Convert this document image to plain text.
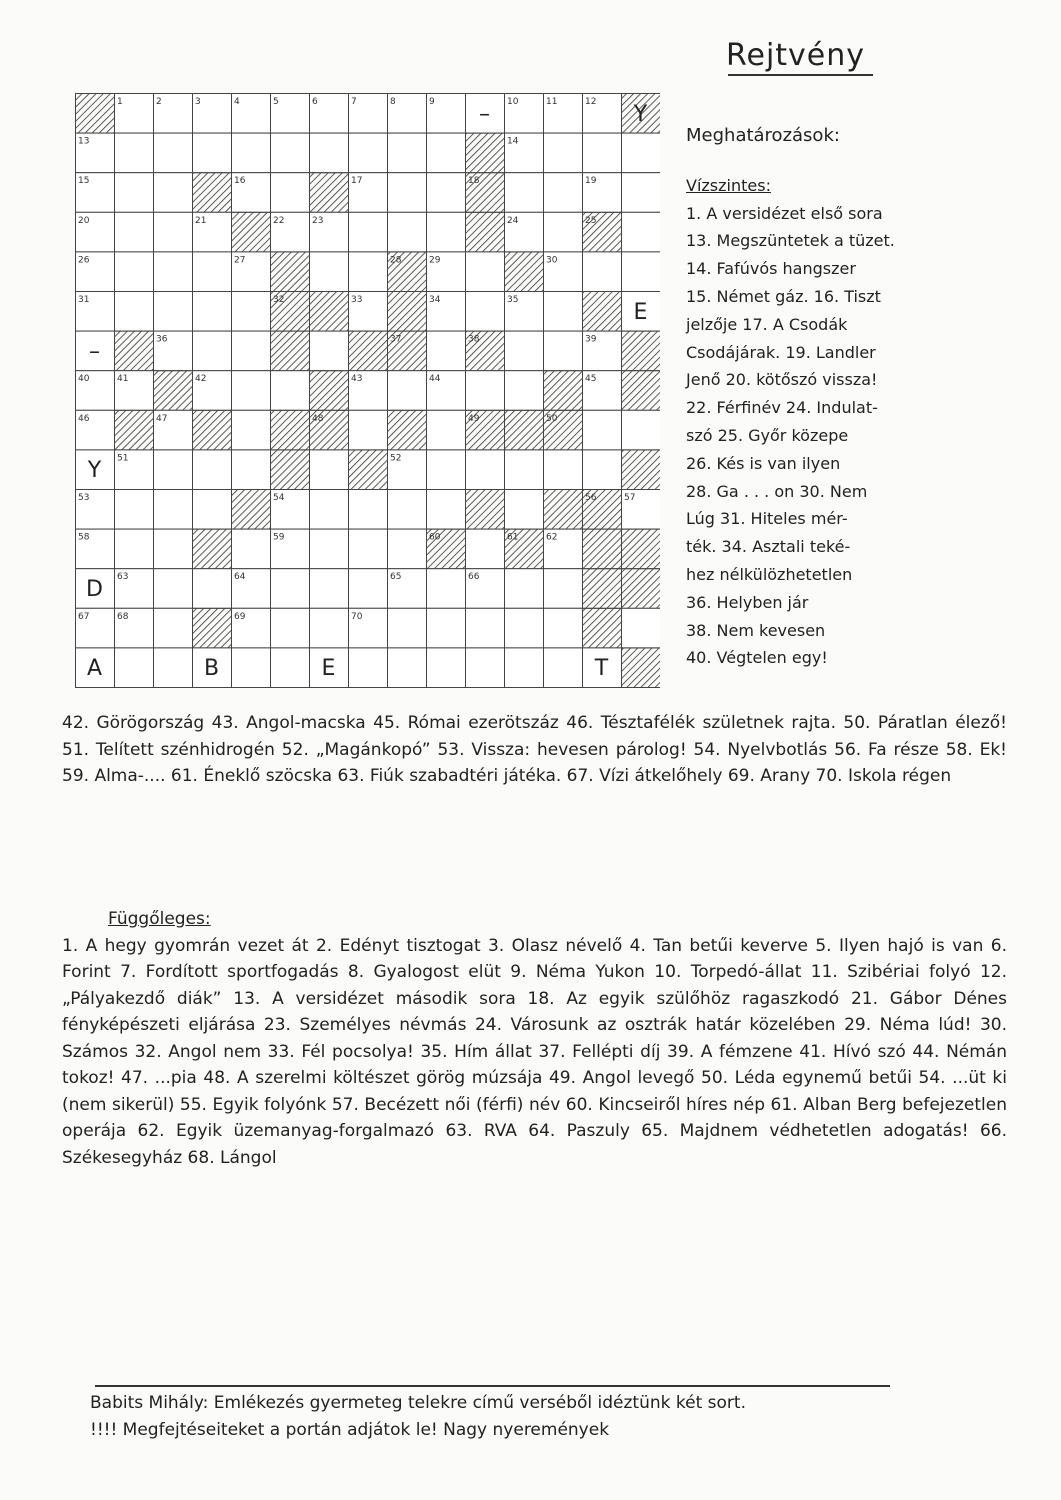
Rejtvény
1	2	3	4	5	6	7	8	9	10	11	12
13	14
15	16	17	18	19
20	21	22	23	24	25
26	27	28	29	30
31	32	33	34	35
36	37	38	39
40	41	42	43	44	45
46	47	48	49	50
51	52
53	54	56	57
58	59	60	61	62
63	64	65	66
67	68	69	70
Y
–
E
–
Y
D
A	B	E	T
Meghatározások:
Vízszintes:
1. A versidézet első sora
13. Megszüntetek a tüzet.
14. Fafúvós hangszer
15. Német gáz. 16. Tiszt
jelzője 17. A Csodák
Csodájárak. 19. Landler
Jenő 20. kötőszó vissza!
22. Férfinév 24. Indulat-
szó 25. Győr közepe
26. Kés is van ilyen
28. Ga . . . on 30. Nem
Lúg 31. Hiteles mér-
ték. 34. Asztali teké-
hez nélkülözhetetlen
36. Helyben jár
38. Nem kevesen
40. Végtelen egy!
42. Görögország 43. Angol-macska 45. Római ezerötszáz 46. Tésztafélék születnek rajta. 50. Páratlan élező! 51. Telített szénhidrogén 52. „Magánkopó” 53. Vissza: hevesen párolog! 54. Nyelvbotlás 56. Fa része 58. Ek! 59. Alma-.... 61. Éneklő szöcska 63. Fiúk szabadtéri játéka. 67. Vízi átkelőhely 69. Arany 70. Iskola régen
Függőleges:
1. A hegy gyomrán vezet át 2. Edényt tisztogat 3. Olasz névelő 4. Tan betűi keverve 5. Ilyen hajó is van 6. Forint 7. Fordított sportfogadás 8. Gyalogost elüt 9. Néma Yukon 10. Torpedó-állat 11. Szibériai folyó 12. „Pályakezdő diák” 13. A versidézet második sora 18. Az egyik szülőhöz ragaszkodó 21. Gábor Dénes fényképészeti eljárása 23. Személyes névmás 24. Városunk az osztrák határ közelében 29. Néma lúd! 30. Számos 32. Angol nem 33. Fél pocsolya! 35. Hím állat 37. Fellépti díj 39. A fémzene 41. Hívó szó 44. Némán tokoz! 47. ...pia 48. A szerelmi költészet görög múzsája 49. Angol levegő 50. Léda egynemű betűi 54. ...üt ki (nem sikerül) 55. Egyik folyónk 57. Becézett női (férfi) név 60. Kincseiről híres nép 61. Alban Berg befejezetlen operája 62. Egyik üzemanyag-forgalmazó 63. RVA 64. Paszuly 65. Majdnem védhetetlen adogatás! 66. Székesegyház 68. Lángol
Babits Mihály: Emlékezés gyermeteg telekre című verséből idéztünk két sort.
!!!! Megfejtéseiteket a portán adjátok le! Nagy nyeremények
